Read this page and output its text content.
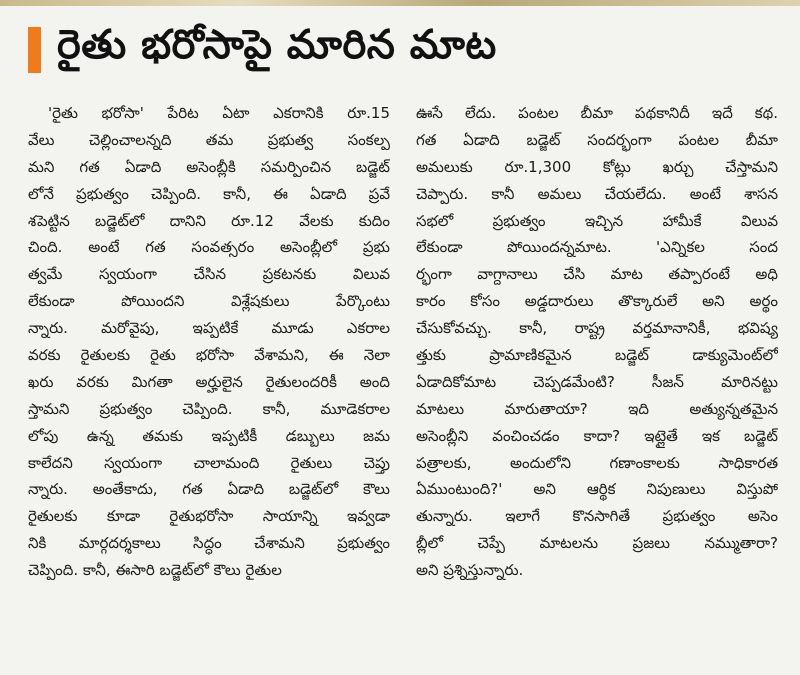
రైతు భరోసాపై మారిన మాట
'రైతు భరోసా' పేరిట ఏటా ఎకరానికి రూ.15
వేలు చెల్లించాలన్నది తమ ప్రభుత్వ సంకల్ప
మని గత ఏడాది అసెంబ్లీకి సమర్పించిన బడ్జెట్
లోనే ప్రభుత్వం చెప్పింది. కానీ, ఈ ఏడాది ప్రవే
శపెట్టిన బడ్జెట్‌లో దానిని రూ.12 వేలకు కుదిం
చింది. అంటే గత సంవత్సరం అసెంబ్లీలో ప్రభు
త్వమే స్వయంగా చేసిన ప్రకటనకు విలువ
లేకుండా పోయిందని విశ్లేషకులు పేర్కొంటు
న్నారు. మరోవైపు, ఇప్పటికే మూడు ఎకరాల
వరకు రైతులకు రైతు భరోసా వేశామని, ఈ నెలా
ఖరు వరకు మిగతా అర్హులైన రైతులందరికీ అంది
స్తామని ప్రభుత్వం చెప్పింది. కానీ, మూడెకరాల
లోపు ఉన్న తమకు ఇప్పటికీ డబ్బులు జమ
కాలేదని స్వయంగా చాలామంది రైతులు చెప్తు
న్నారు. అంతేకాదు, గత ఏడాది బడ్జెట్‌లో కౌలు
రైతులకు కూడా రైతుభరోసా సాయాన్ని ఇవ్వడా
నికి మార్గదర్శకాలు సిద్ధం చేశామని ప్రభుత్వం
చెప్పింది. కానీ, ఈసారి బడ్జెట్‌లో కౌలు రైతుల
ఊసే లేదు. పంటల బీమా పథకానిదీ ఇదే కథ.
గత ఏడాది బడ్జెట్ సందర్భంగా పంటల బీమా
అమలుకు రూ.1,300 కోట్లు ఖర్చు చేస్తామని
చెప్పారు. కానీ అమలు చేయలేదు. అంటే శాసన
సభలో ప్రభుత్వం ఇచ్చిన హామీకే విలువ
లేకుండా పోయిందన్నమాట. 'ఎన్నికల సంద
ర్భంగా వాగ్దానాలు చేసి మాట తప్పారంటే అధి
కారం కోసం అడ్డదారులు తొక్కారులే అని అర్థం
చేసుకోవచ్చు. కానీ, రాష్ట్ర వర్తమానానికీ, భవిష్య
త్తుకు ప్రామాణికమైన బడ్జెట్ డాక్యుమెంట్‌లో
ఏడాదికోమాట చెప్పడమేంటి? సీజన్ మారినట్టు
మాటలు మారుతాయా? ఇది అత్యున్నతమైన
అసెంబ్లీని వంచించడం కాదా? ఇట్లైతే ఇక బడ్జెట్
పత్రాలకు, అందులోని గణాంకాలకు సాధికారత
ఏముంటుంది?' అని ఆర్థిక నిపుణులు విస్తుపో
తున్నారు. ఇలాగే కొనసాగితే ప్రభుత్వం అసెం
బ్లీలో చెప్పే మాటలను ప్రజలు నమ్ముతారా?
అని ప్రశ్నిస్తున్నారు.
